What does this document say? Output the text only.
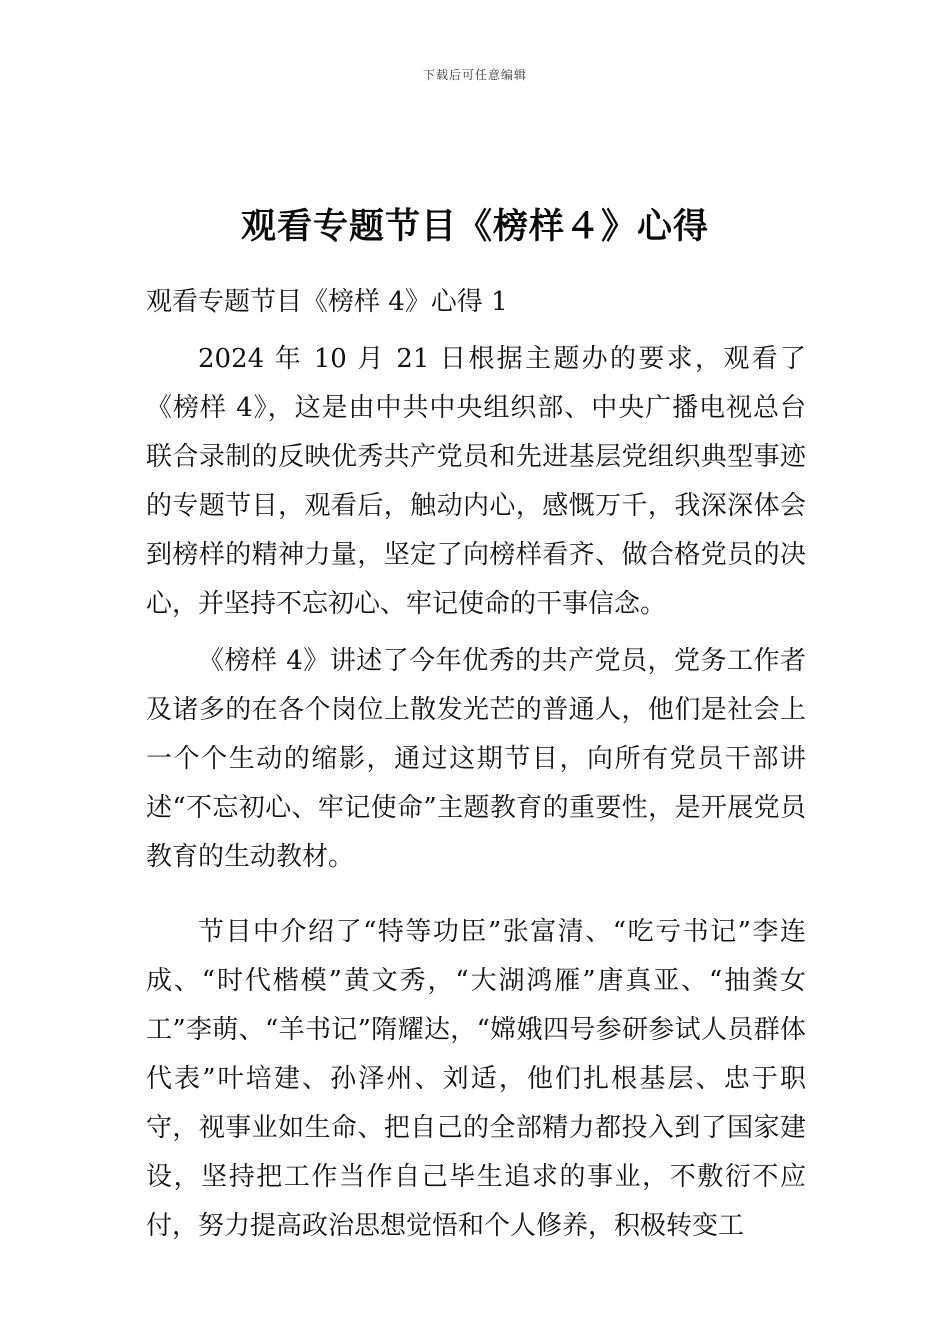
下载后可任意编辑
观看专题节目《榜样４》心得

观看专题节目《榜样 4》心得 1

2024 年 10 月 21 日根据主题办的要求，观看了《榜样 4》，这是由中共中央组织部、中央广播电视总台联合录制的反映优秀共产党员和先进基层党组织典型事迹的专题节目，观看后，触动内心，感慨万千，我深深体会到榜样的精神力量，坚定了向榜样看齐、做合格党员的决心，并坚持不忘初心、牢记使命的干事信念。

《榜样 4》讲述了今年优秀的共产党员，党务工作者及诸多的在各个岗位上散发光芒的普通人，他们是社会上一个个生动的缩影，通过这期节目，向所有党员干部讲述“不忘初心、牢记使命”主题教育的重要性，是开展党员教育的生动教材。

节目中介绍了“特等功臣”张富清、“吃亏书记”李连成、“时代楷模”黄文秀，“大湖鸿雁”唐真亚、“抽粪女工”李萌、“羊书记”隋耀达，“嫦娥四号参研参试人员群体代表”叶培建、孙泽州、刘适，他们扎根基层、忠于职守，视事业如生命、把自己的全部精力都投入到了国家建设，坚持把工作当作自己毕生追求的事业，不敷衍不应付，努力提高政治思想觉悟和个人修养，积极转变工
